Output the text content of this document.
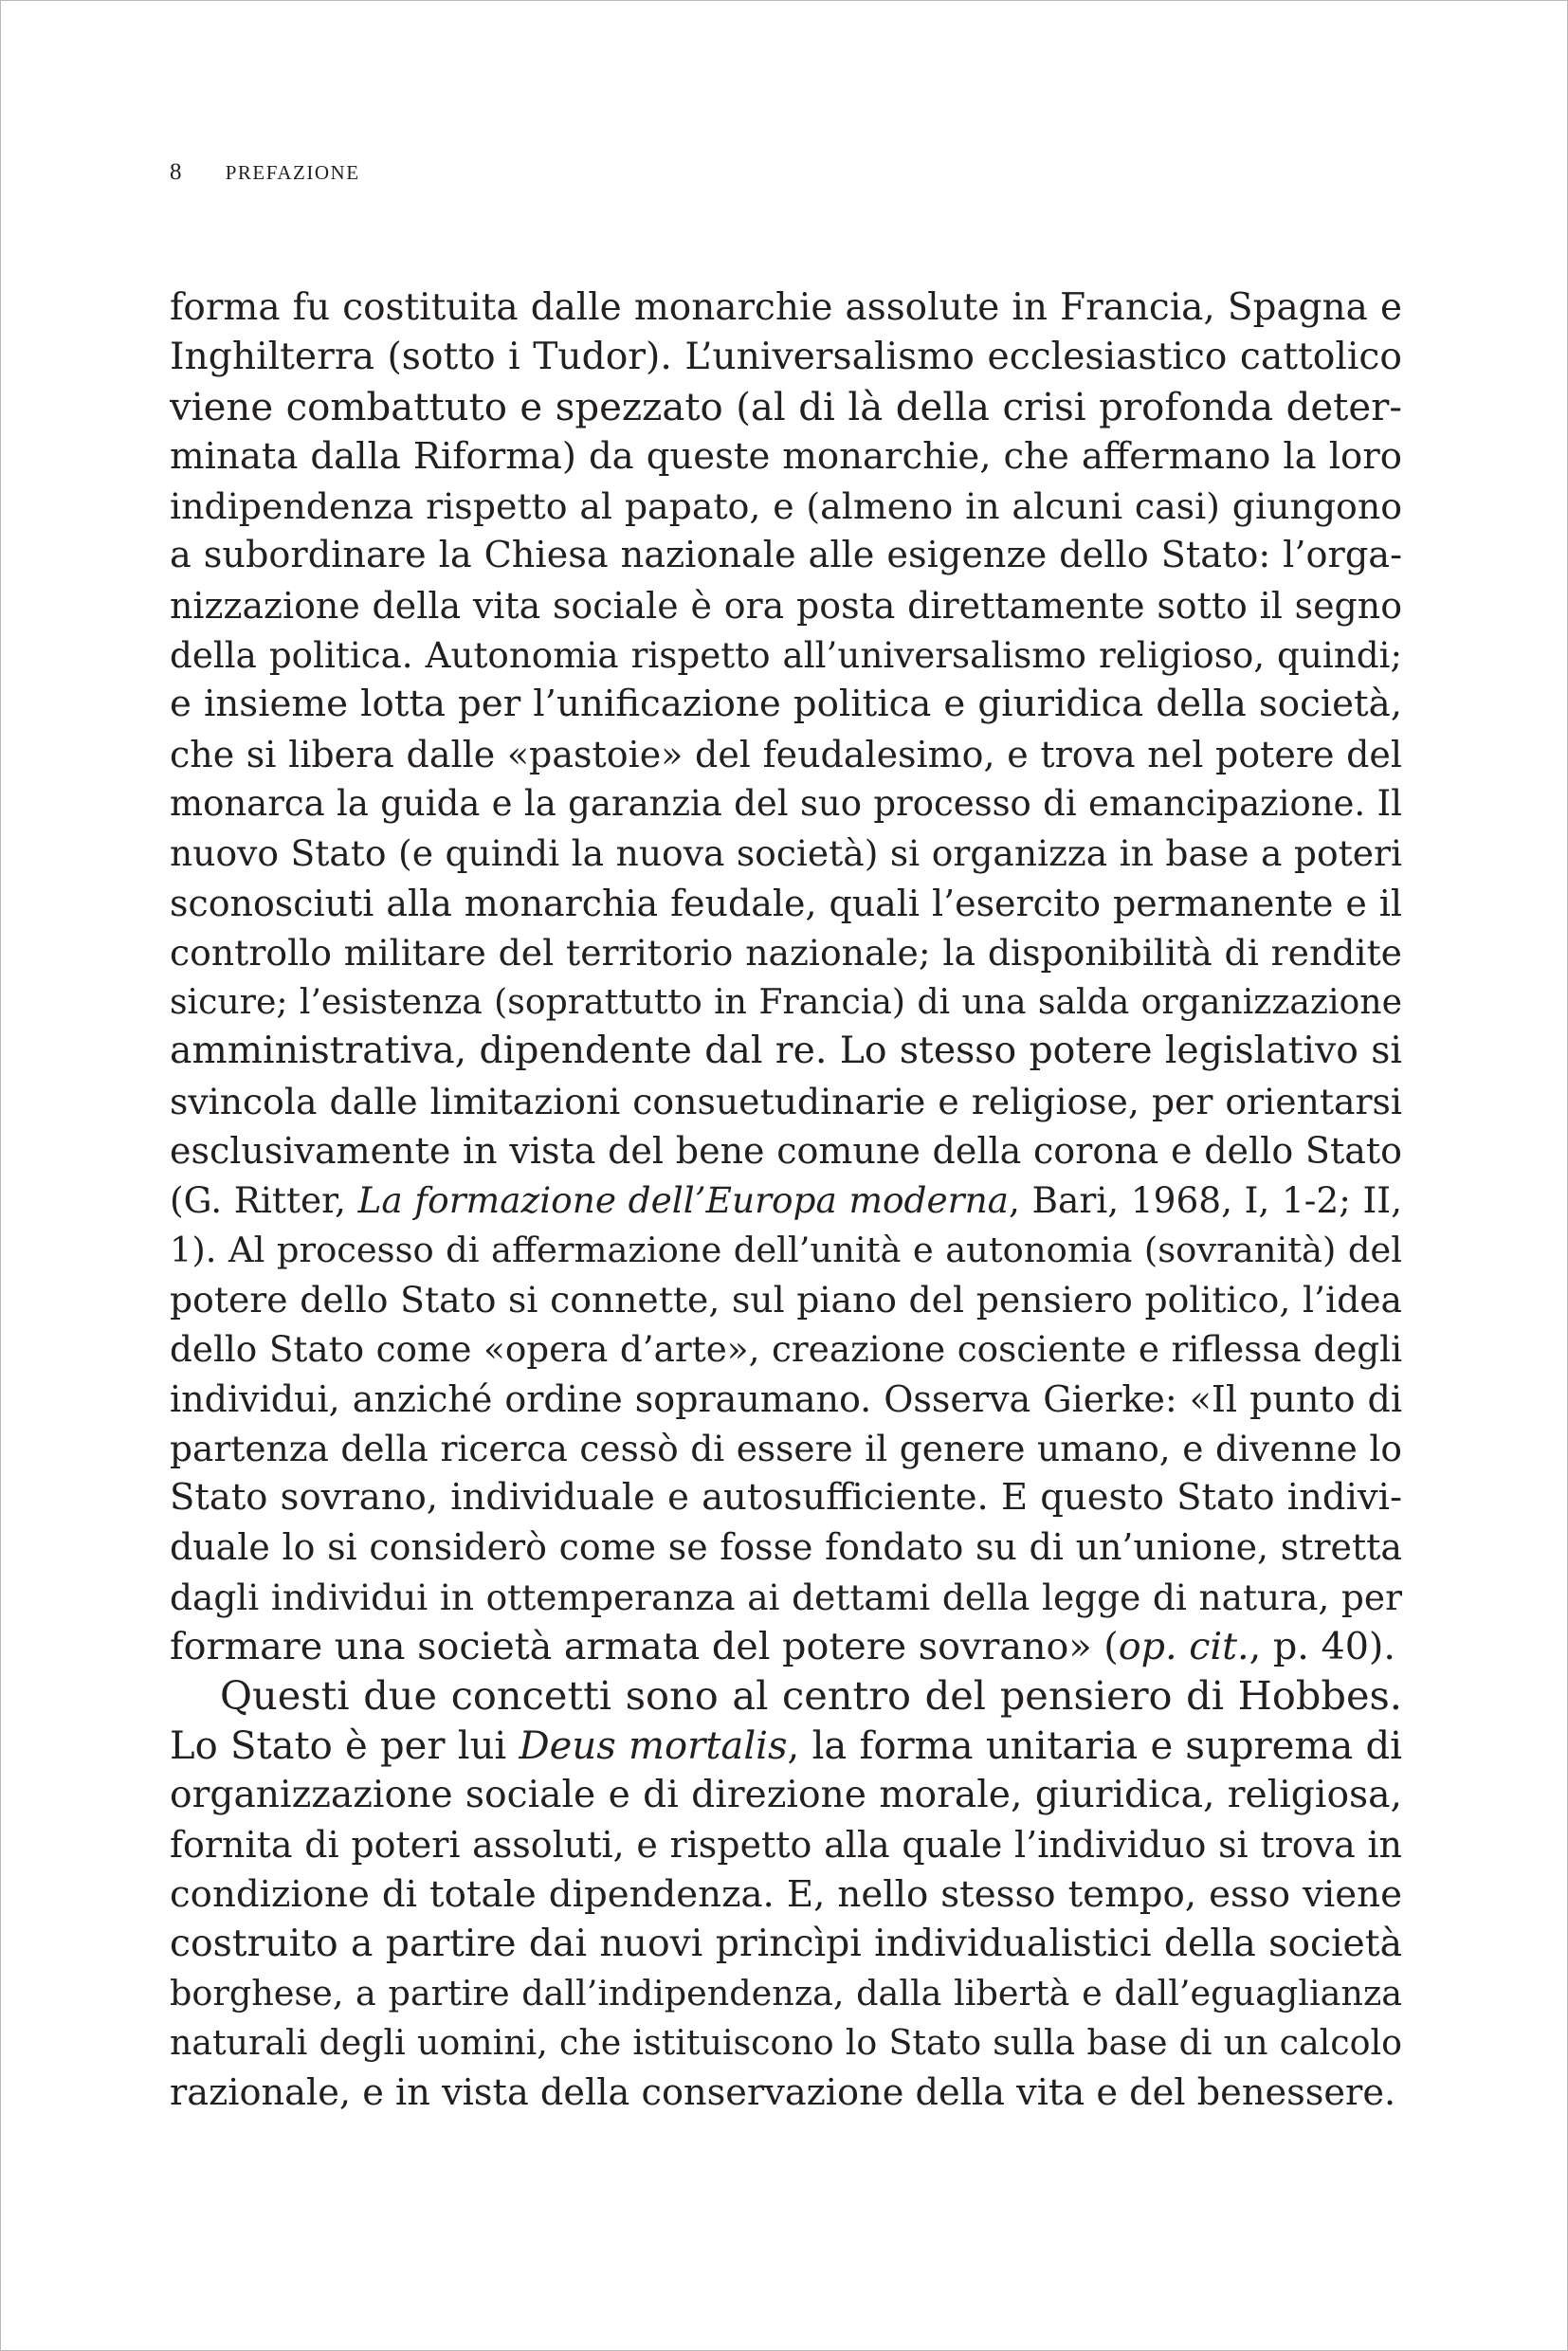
8 PREFAZIONE
forma fu costituita dalle monarchie assolute in Francia, Spagna e
Inghilterra (sotto i Tudor). L’universalismo ecclesiastico cattolico
viene combattuto e spezzato (al di là della crisi profonda deter-
minata dalla Riforma) da queste monarchie, che affermano la loro
indipendenza rispetto al papato, e (almeno in alcuni casi) giungono
a subordinare la Chiesa nazionale alle esigenze dello Stato: l’orga-
nizzazione della vita sociale è ora posta direttamente sotto il segno
della politica. Autonomia rispetto all’universalismo religioso, quindi;
e insieme lotta per l’unificazione politica e giuridica della società,
che si libera dalle «pastoie» del feudalesimo, e trova nel potere del
monarca la guida e la garanzia del suo processo di emancipazione. Il
nuovo Stato (e quindi la nuova società) si organizza in base a poteri
sconosciuti alla monarchia feudale, quali l’esercito permanente e il
controllo militare del territorio nazionale; la disponibilità di rendite
sicure; l’esistenza (soprattutto in Francia) di una salda organizzazione
amministrativa, dipendente dal re. Lo stesso potere legislativo si
svincola dalle limitazioni consuetudinarie e religiose, per orientarsi
esclusivamente in vista del bene comune della corona e dello Stato
(G. Ritter, La formazione dell’Europa moderna, Bari, 1968, I, 1-2; II,
1). Al processo di affermazione dell’unità e autonomia (sovranità) del
potere dello Stato si connette, sul piano del pensiero politico, l’idea
dello Stato come «opera d’arte», creazione cosciente e riflessa degli
individui, anziché ordine sopraumano. Osserva Gierke: «Il punto di
partenza della ricerca cessò di essere il genere umano, e divenne lo
Stato sovrano, individuale e autosufficiente. E questo Stato indivi-
duale lo si considerò come se fosse fondato su di un’unione, stretta
dagli individui in ottemperanza ai dettami della legge di natura, per
formare una società armata del potere sovrano» (op. cit., p. 40).
Questi due concetti sono al centro del pensiero di Hobbes.
Lo Stato è per lui Deus mortalis, la forma unitaria e suprema di
organizzazione sociale e di direzione morale, giuridica, religiosa,
fornita di poteri assoluti, e rispetto alla quale l’individuo si trova in
condizione di totale dipendenza. E, nello stesso tempo, esso viene
costruito a partire dai nuovi princìpi individualistici della società
borghese, a partire dall’indipendenza, dalla libertà e dall’eguaglianza
naturali degli uomini, che istituiscono lo Stato sulla base di un calcolo
razionale, e in vista della conservazione della vita e del benessere.
